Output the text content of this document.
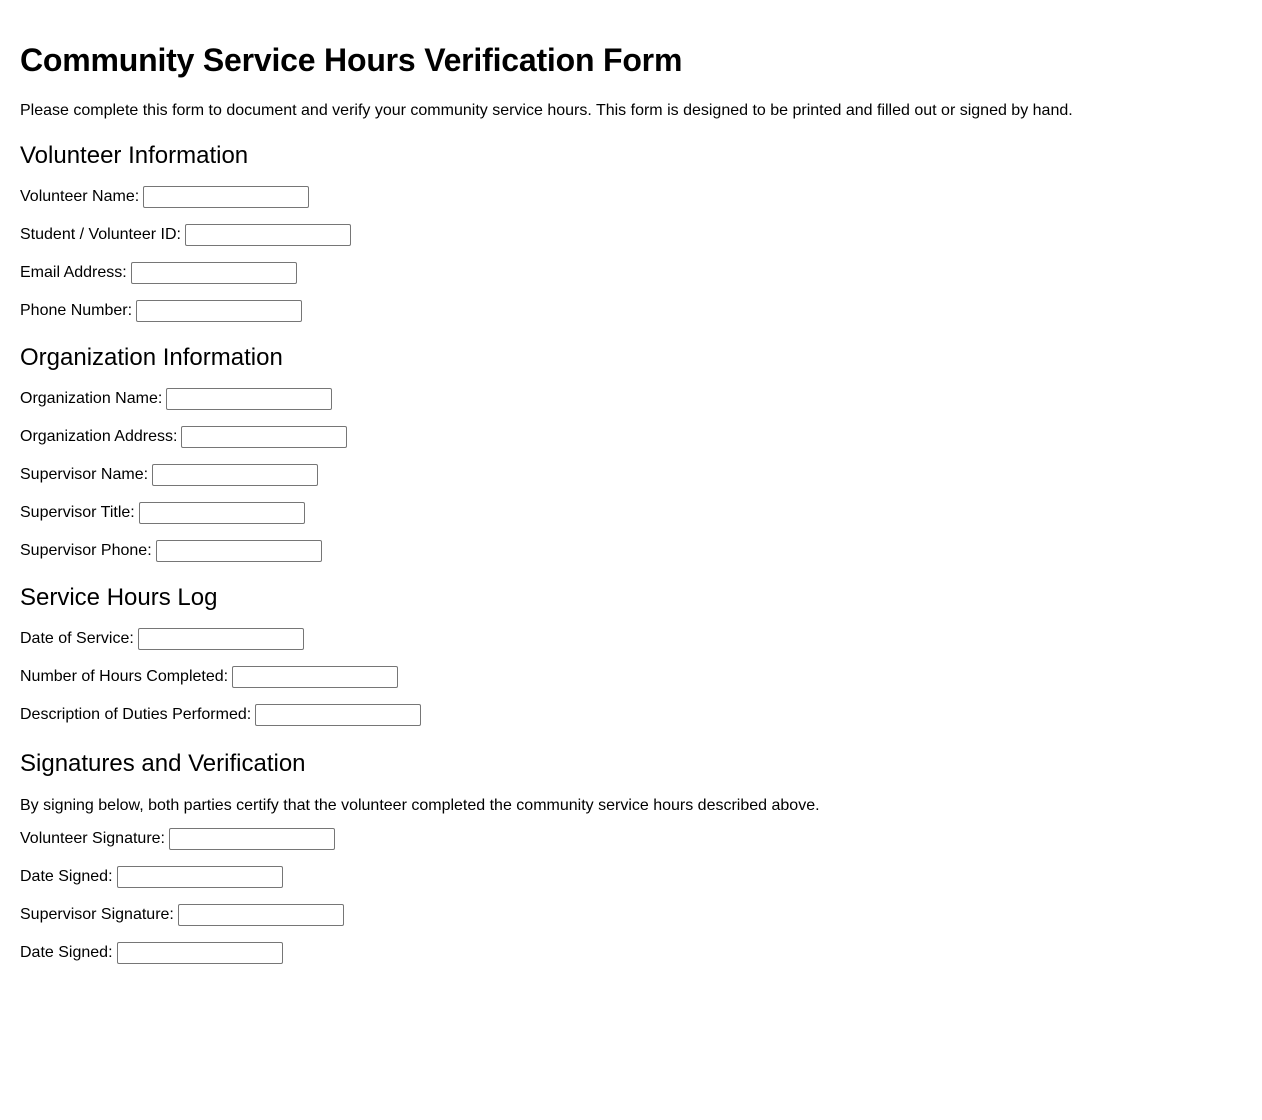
Community Service Hours Verification Form

Please complete this form to document and verify your community service hours. This form is designed to be printed and filled out or signed by hand.

Volunteer Information
Volunteer Name:
Student / Volunteer ID:
Email Address:
Phone Number:
Organization Information
Organization Name:
Organization Address:
Supervisor Name:
Supervisor Title:
Supervisor Phone:
Service Hours Log
Date of Service:
Number of Hours Completed:
Description of Duties Performed:
Signatures and Verification

By signing below, both parties certify that the volunteer completed the community service hours described above.

Volunteer Signature:
Date Signed:
Supervisor Signature:
Date Signed:
